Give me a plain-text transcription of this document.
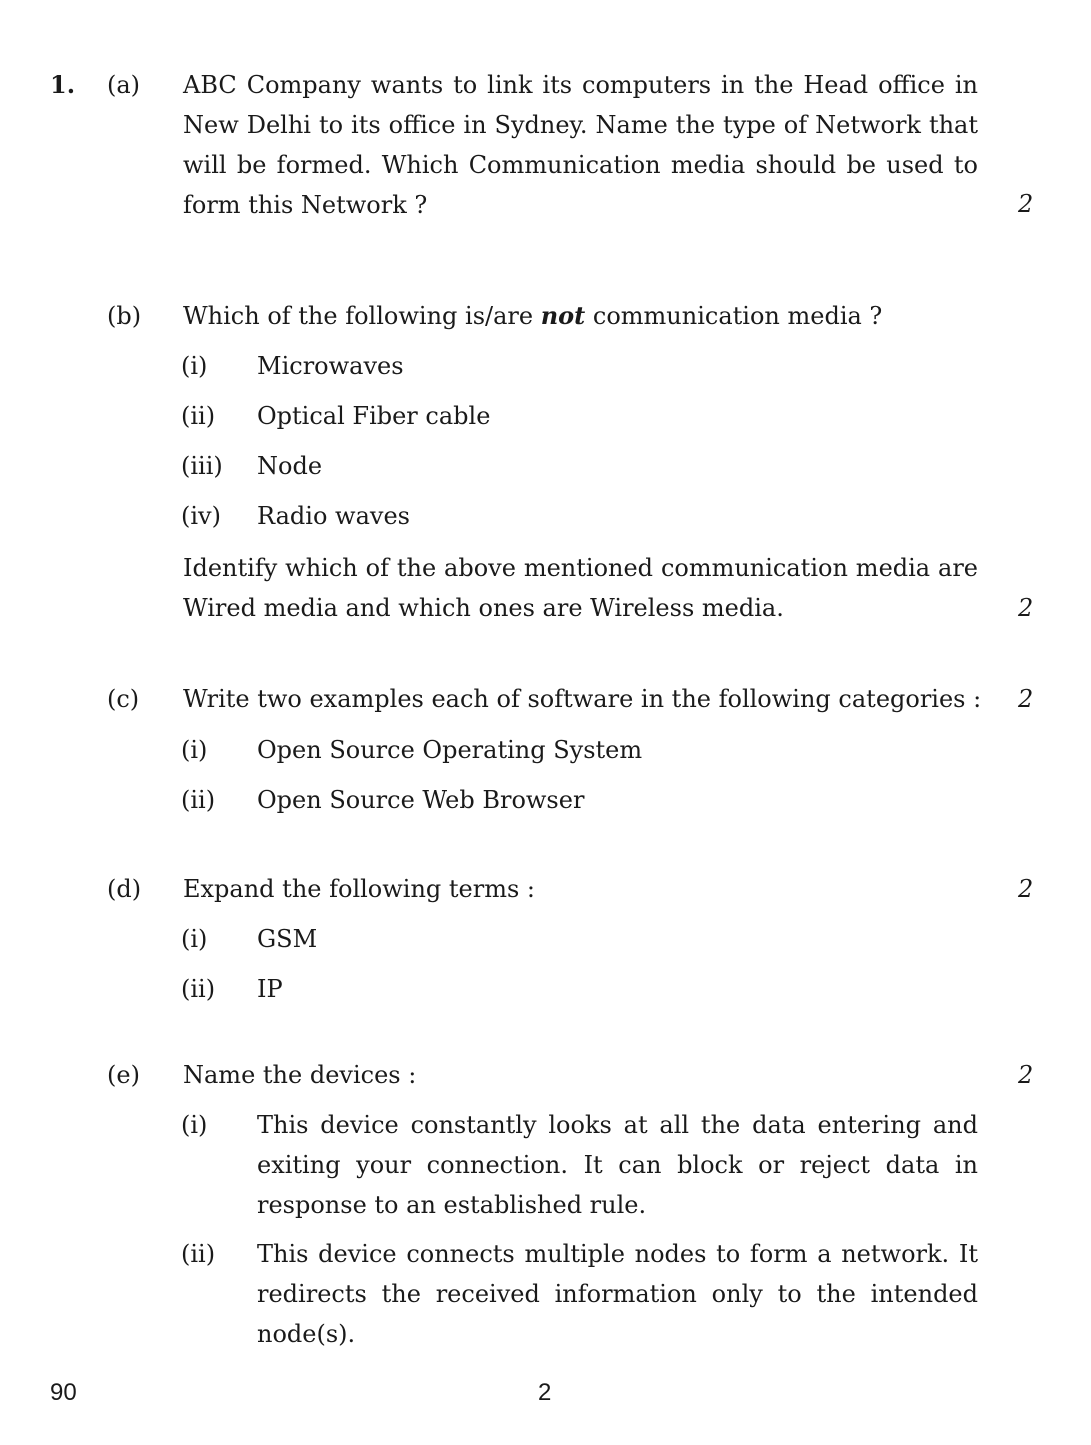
1. (a) ABC Company wants to link its computers in the Head office in New Delhi to its office in Sydney. Name the type of Network that will be formed. Which Communication media should be used to form this Network ?	2
(b) Which of the following is/are not communication media ?
(i) Microwaves
(ii) Optical Fiber cable
(iii) Node
(iv) Radio waves
Identify which of the above mentioned communication media are Wired media and which ones are Wireless media.	2
(c) Write two examples each of software in the following categories : 2
(i) Open Source Operating System
(ii) Open Source Web Browser
(d) Expand the following terms :	2
(i) GSM
(ii) IP
(e) Name the devices :	2
(i) This device constantly looks at all the data entering and exiting your connection. It can block or reject data in response to an established rule.
(ii) This device connects multiple nodes to form a network. It redirects the received information only to the intended node(s).
90	2
